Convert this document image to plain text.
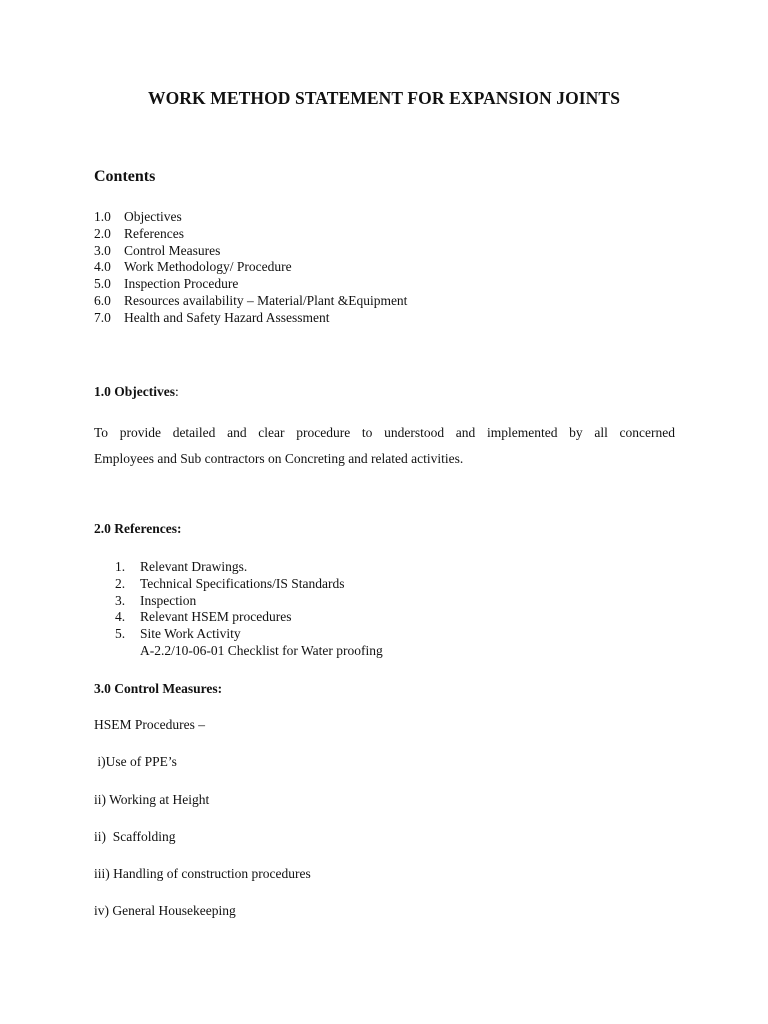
WORK METHOD STATEMENT FOR EXPANSION JOINTS
Contents
1.0 Objectives
2.0 References
3.0 Control Measures
4.0 Work Methodology/ Procedure
5.0 Inspection Procedure
6.0 Resources availability – Material/Plant &Equipment
7.0 Health and Safety Hazard Assessment
1.0 Objectives:
To provide detailed and clear procedure to understood and implemented by all concerned
Employees and Sub contractors on Concreting and related activities.
2.0 References:
1.	Relevant Drawings.
2.	Technical Specifications/IS Standards
3.	Inspection
4.	Relevant HSEM procedures
5.	Site Work Activity
A-2.2/10-06-01 Checklist for Water proofing
3.0 Control Measures:
HSEM Procedures –
i)Use of PPE’s
ii) Working at Height
ii)  Scaffolding
iii) Handling of construction procedures
iv) General Housekeeping
